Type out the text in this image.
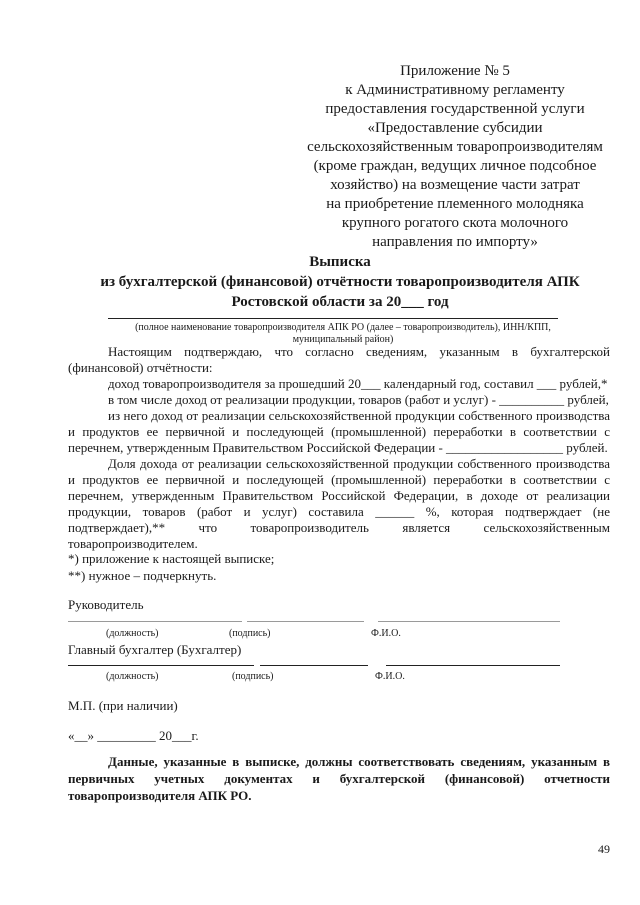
Приложение № 5
к Административному регламенту
предоставления государственной услуги
«Предоставление субсидии
сельскохозяйственным товаропроизводителям
(кроме граждан, ведущих личное подсобное
хозяйство) на возмещение части затрат
на приобретение племенного молодняка
крупного рогатого скота молочного
направления по импорту»
Выписка
из бухгалтерской (финансовой) отчётности товаропроизводителя АПК
Ростовской области за 20___ год
(полное наименование товаропроизводителя АПК РО (далее – товаропроизводитель), ИНН/КПП,
муниципальный район)

Настоящим подтверждаю, что согласно сведениям, указанным в бухгалтерской (финансовой) отчётности:

доход товаропроизводителя за прошедший 20___ календарный год, составил ___ рублей,*

в том числе доход от реализации продукции, товаров (работ и услуг) - __________ рублей,

из него доход от реализации сельскохозяйственной продукции собственного производства и продуктов ее первичной и последующей (промышленной) переработки в соответствии с перечнем, утвержденным Правительством Российской Федерации - __________________ рублей.

Доля дохода от реализации сельскохозяйственной продукции собственного производства и продуктов ее первичной и последующей (промышленной) переработки в соответствии с перечнем, утвержденным Правительством Российской Федерации, в доходе от реализации продукции, товаров (работ и услуг) составила ______ %, которая подтверждает (не подтверждает),** что товаропроизводитель является сельскохозяйственным товаропроизводителем.

*) приложение к настоящей выписке;
**) нужное – подчеркнуть.
Руководитель
(должность)	(подпись)	Ф.И.О.
Главный бухгалтер (Бухгалтер)
(должность)	(подпись)	Ф.И.О.
М.П. (при наличии)
«__» _________ 20___г.
Данные, указанные в выписке, должны соответствовать сведениям, указанным в первичных учетных документах и бухгалтерской (финансовой) отчетности товаропроизводителя АПК РО.
49
